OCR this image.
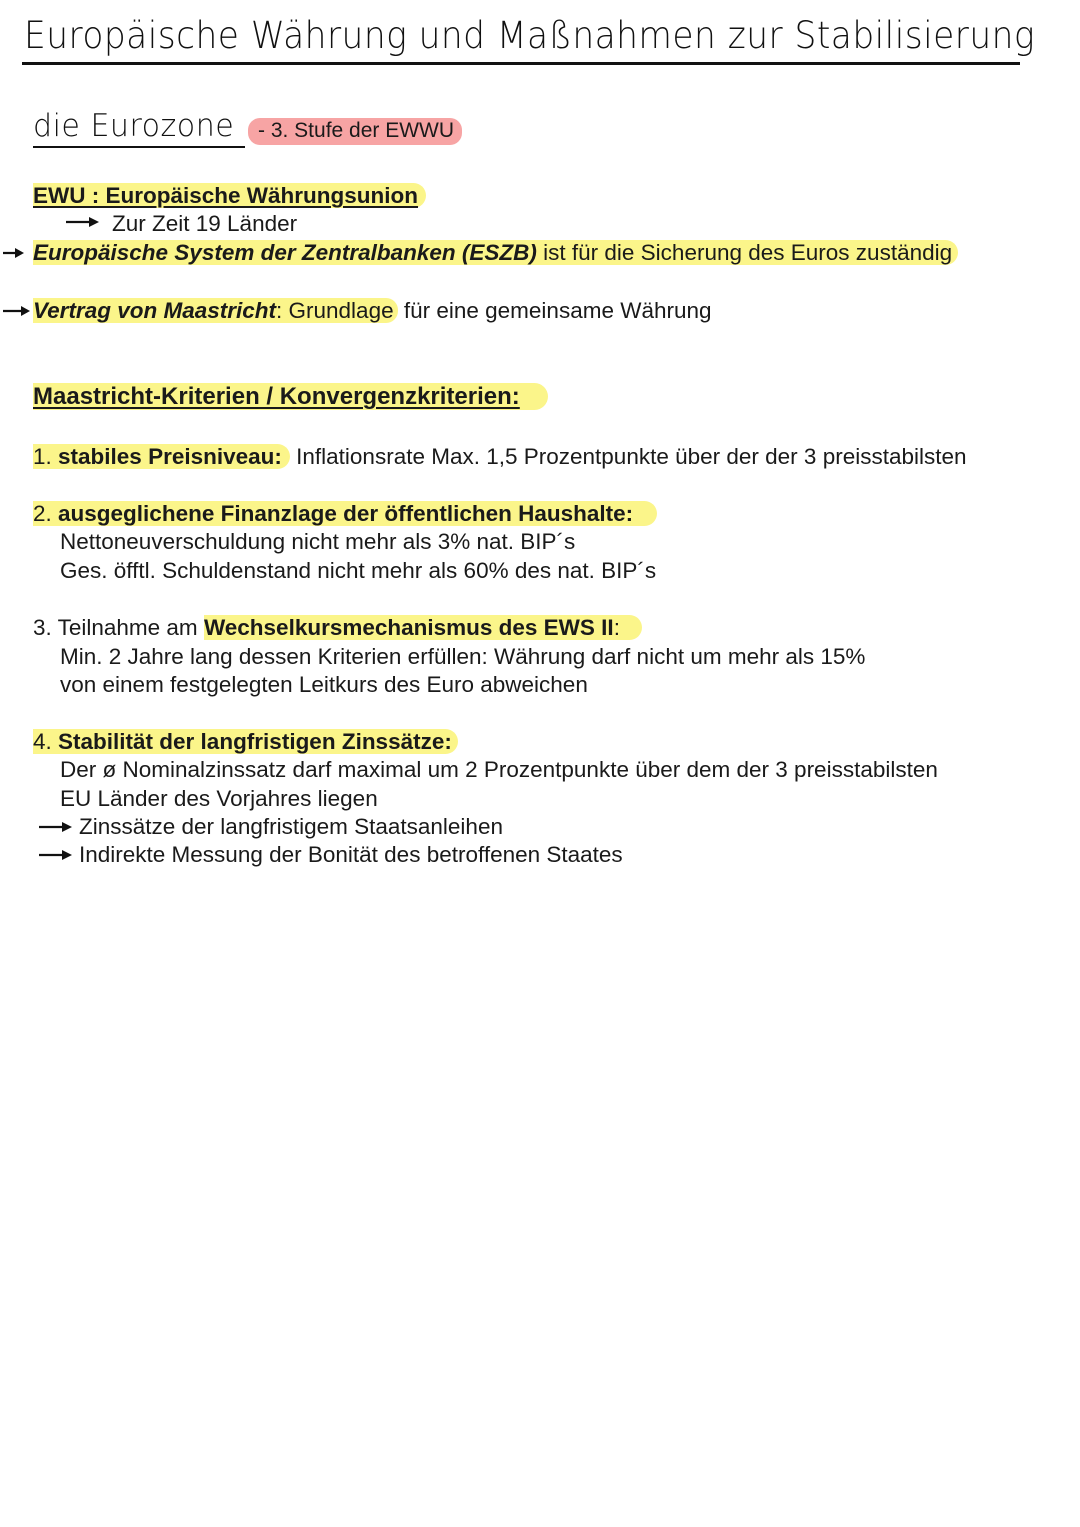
Europäische Währung und Maßnahmen zur Stabilisierung
die Eurozone	- 3. Stufe der EWWU
EWU : Europäische Währungsunion
Zur Zeit 19 Länder
Europäische System der Zentralbanken (ESZB) ist für die Sicherung des Euros zuständig
Vertrag von Maastricht: Grundlage für eine gemeinsame Währung
Maastricht-Kriterien / Konvergenzkriterien:
1. stabiles Preisniveau: Inflationsrate Max. 1,5 Prozentpunkte über der der 3 preisstabilsten
2. ausgeglichene Finanzlage der öffentlichen Haushalte:
Nettoneuverschuldung nicht mehr als 3% nat. BIP´s
Ges. öfftl. Schuldenstand nicht mehr als 60% des nat. BIP´s
3. Teilnahme am Wechselkursmechanismus des EWS II:
Min. 2 Jahre lang dessen Kriterien erfüllen: Währung darf nicht um mehr als 15%
von einem festgelegten Leitkurs des Euro abweichen
4. Stabilität der langfristigen Zinssätze:
Der ø Nominalzinssatz darf maximal um 2 Prozentpunkte über dem der 3 preisstabilsten
EU Länder des Vorjahres liegen
Zinssätze der langfristigem Staatsanleihen
Indirekte Messung der Bonität des betroffenen Staates
